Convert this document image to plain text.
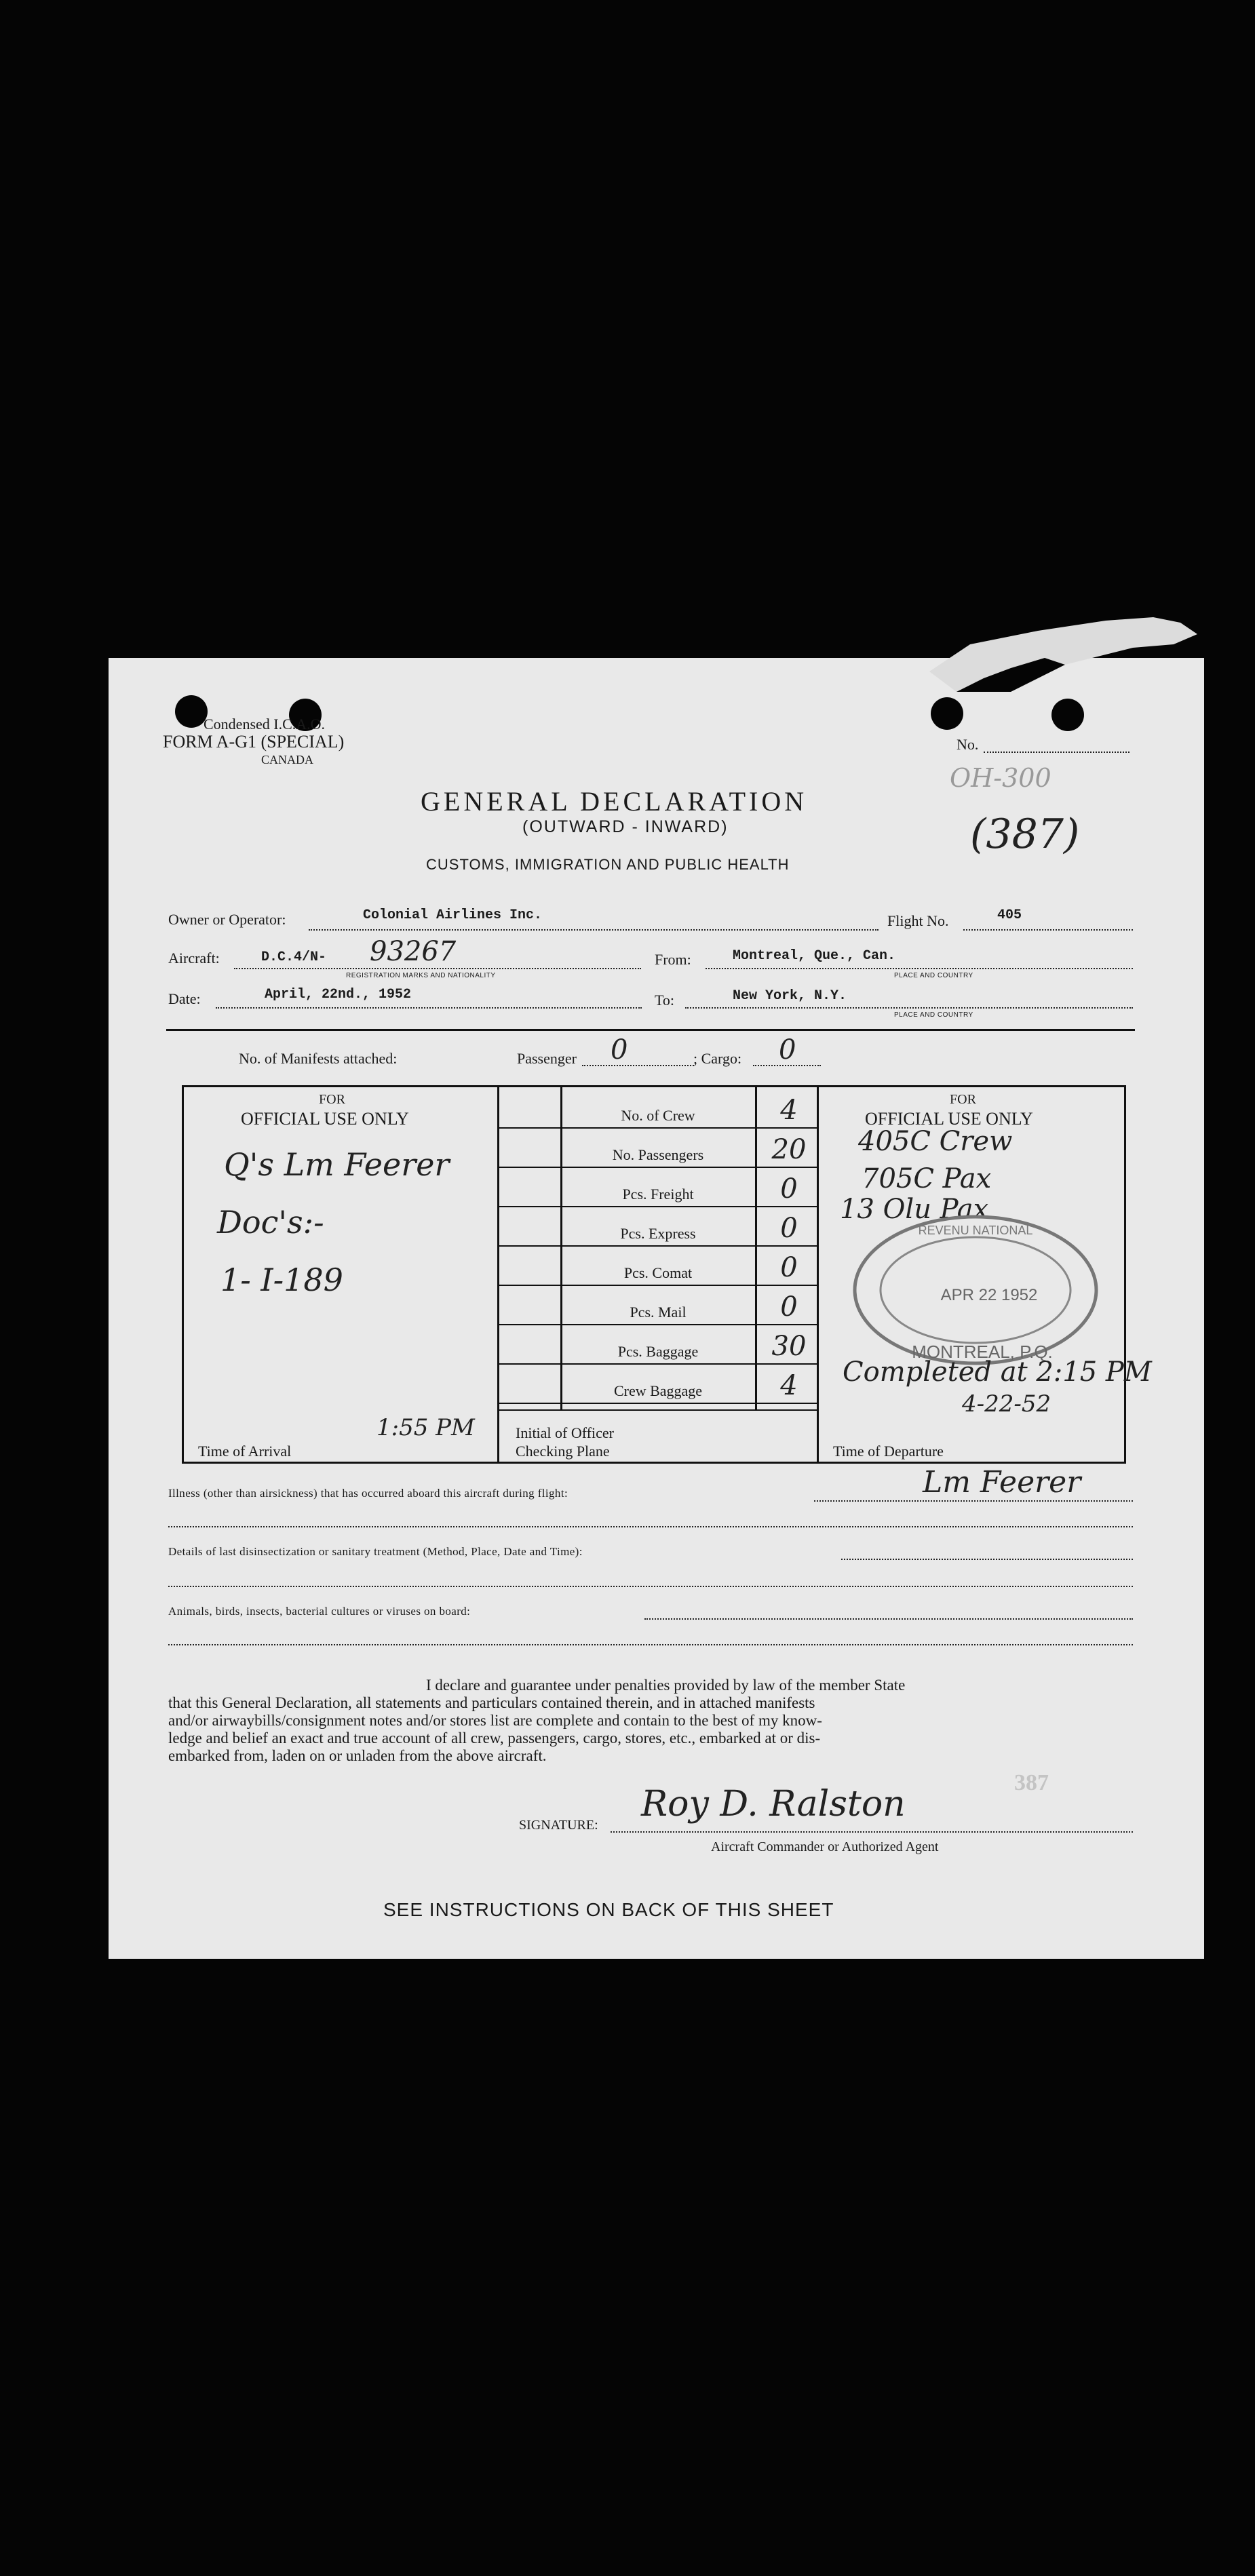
Condensed I.C.A.O.
FORM A-G1 (SPECIAL)
CANADA
No.
OH-300
(387)
GENERAL DECLARATION
(OUTWARD - INWARD)
CUSTOMS, IMMIGRATION AND PUBLIC HEALTH
Owner or Operator:	Colonial Airlines Inc.	Flight No.	405
Aircraft:	D.C.4/N- 93267
REGISTRATION MARKS AND NATIONALITY
From:	Montreal, Que., Can.
PLACE AND COUNTRY
Date:	April, 22nd., 1952	To:	New York, N.Y.
PLACE AND COUNTRY
No. of Manifests attached:	Passenger 0	; Cargo: 0
FOR
OFFICIAL USE ONLY
Q's Lm Feerer
Doc's:-
1- I-189
Time of Arrival
1:55 PM	Initial of Officer
Checking Plane
No. of Crew	4
No. Passengers	20
Pcs. Freight	0
Pcs. Express	0
Pcs. Comat	0
Pcs. Mail	0
Pcs. Baggage	30
Crew Baggage	4
FOR
OFFICIAL USE ONLY
405C Crew
705C Pax
13 Olu Pax
REVENU NATIONAL
APR 22 1952
MONTREAL, P.Q.
Completed at 2:15 PM
4-22-52
Time of Departure
Illness (other than airsickness) that has occurred aboard this aircraft during flight:	Lm Feerer
Details of last disinsectization or sanitary treatment (Method, Place, Date and Time):
Animals, birds, insects, bacterial cultures or viruses on board:
I declare and guarantee under penalties provided by law of the member State
that this General Declaration, all statements and particulars contained therein, and in attached manifests
and/or airwaybills/consignment notes and/or stores list are complete and contain to the best of my know-
ledge and belief an exact and true account of all crew, passengers, cargo, stores, etc., embarked at or dis-
embarked from, laden on or unladen from the above aircraft.
387
SIGNATURE:
Roy D. Ralston
Aircraft Commander or Authorized Agent
SEE INSTRUCTIONS ON BACK OF THIS SHEET
